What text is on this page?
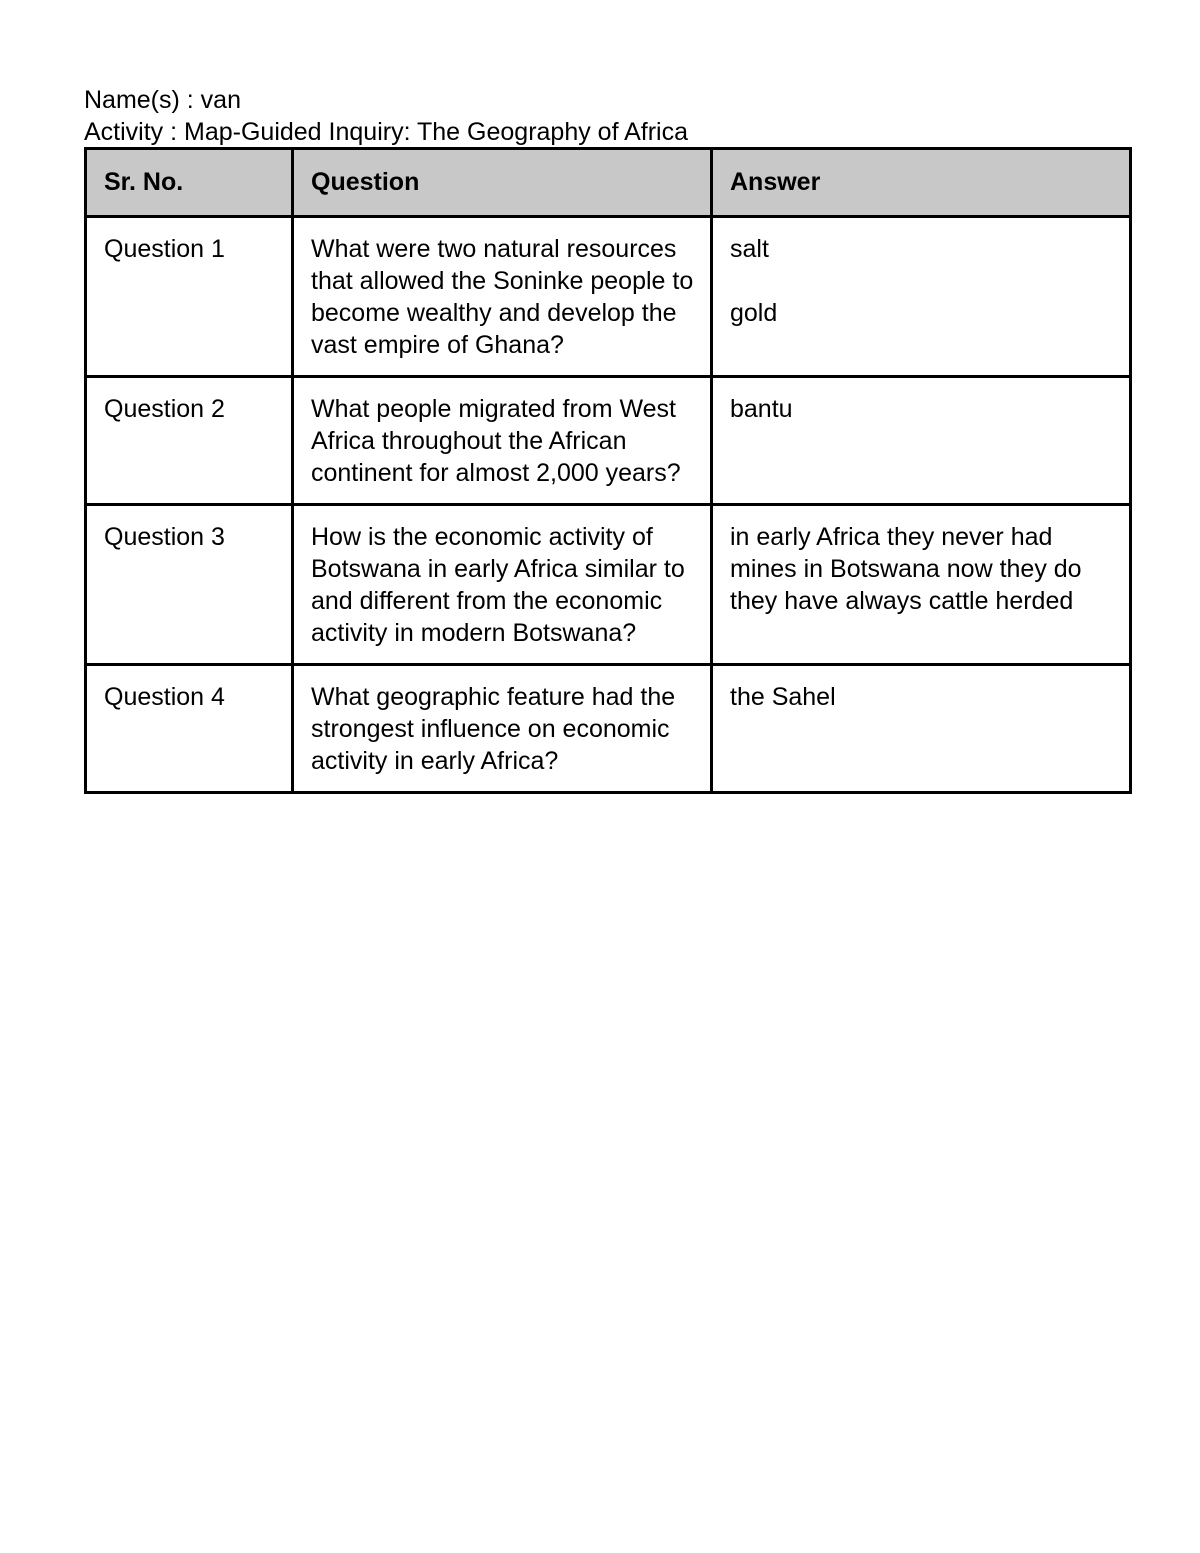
Name(s) : van
Activity : Map-Guided Inquiry: The Geography of Africa
Sr. No.	Question	Answer
Question 1	What were two natural resources that allowed the Soninke people to become wealthy and develop the vast empire of Ghana?	salt
gold

Question 2	What people migrated from West Africa throughout the African continent for almost 2,000 years?	bantu

Question 3	How is the economic activity of Botswana in early Africa similar to and different from the economic activity in modern Botswana?	in early Africa they never had mines in Botswana now they do they have always cattle herded

Question 4	What geographic feature had the strongest influence on economic activity in early Africa?	the Sahel
